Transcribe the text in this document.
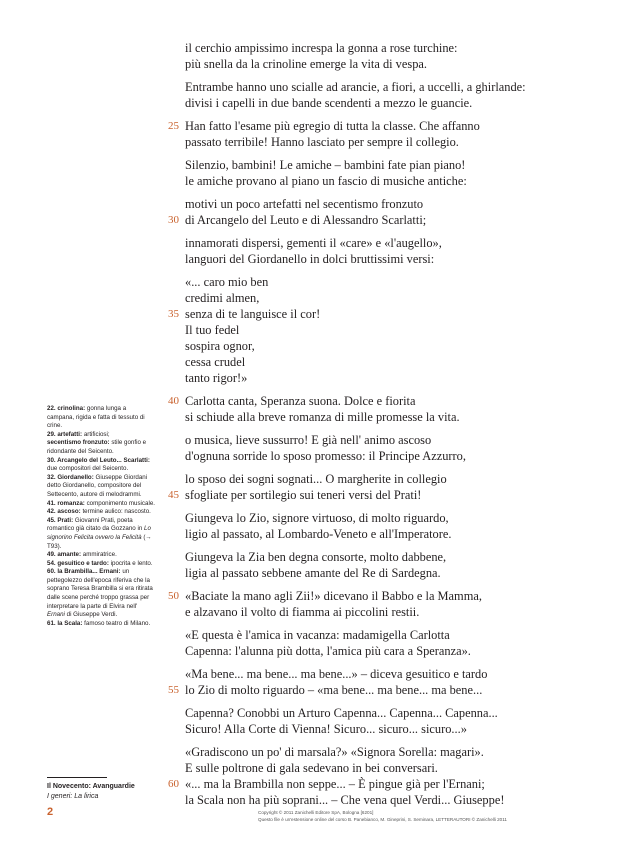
il cerchio ampissimo increspa la gonna a rose turchine:
più snella da la crinoline emerge la vita di vespa.
Entrambe hanno uno scialle ad arancie, a fiori, a uccelli, a ghirlande:
divisi i capelli in due bande scendenti a mezzo le guancie.
25 Han fatto l'esame più egregio di tutta la classe. Che affanno
passato terribile! Hanno lasciato per sempre il collegio.
Silenzio, bambini! Le amiche – bambini fate pian piano!
le amiche provano al piano un fascio di musiche antiche:
motivi un poco artefatti nel secentismo fronzuto
30 di Arcangelo del Leuto e di Alessandro Scarlatti;
innamorati dispersi, gementi il «care» e «l'augello»,
languori del Giordanello in dolci bruttissimi versi:
«... caro mio ben
credimi almen,
35 senza di te languisce il cor!
Il tuo fedel
sospira ognor,
cessa crudel
tanto rigor!»
40 Carlotta canta, Speranza suona. Dolce e fiorita
si schiude alla breve romanza di mille promesse la vita.
o musica, lieve sussurro! E già nell' animo ascoso
d'ognuna sorride lo sposo promesso: il Principe Azzurro,
lo sposo dei sogni sognati... O margherite in collegio
45 sfogliate per sortilegio sui teneri versi del Prati!
Giungeva lo Zio, signore virtuoso, di molto riguardo,
ligio al passato, al Lombardo-Veneto e all'Imperatore.
Giungeva la Zia ben degna consorte, molto dabbene,
ligia al passato sebbene amante del Re di Sardegna.
50 «Baciate la mano agli Zii!» dicevano il Babbo e la Mamma,
e alzavano il volto di fiamma ai piccolini restii.
«E questa è l'amica in vacanza: madamigella Carlotta
Capenna: l'alunna più dotta, l'amica più cara a Speranza».
«Ma bene... ma bene... ma bene...» – diceva gesuitico e tardo
55 lo Zio di molto riguardo – «ma bene... ma bene... ma bene...
Capenna? Conobbi un Arturo Capenna... Capenna... Capenna...
Sicuro! Alla Corte di Vienna! Sicuro... sicuro... sicuro...»
«Gradiscono un po' di marsala?» «Signora Sorella: magari».
E sulle poltrone di gala sedevano in bei conversari.
60 «... ma la Brambilla non seppe... – È pingue già per l'Ernani;
la Scala non ha più soprani... – Che vena quel Verdi... Giuseppe!

22. crinolina: gonna lunga a campana, rigida e fatta di tessuto di crine.

29. artefatti: artificiosi;

secentismo fronzuto: stile gonfio e ridondante del Seicento.

30. Arcangelo del Leuto... Scarlatti: due compositori del Seicento.

32. Giordanello: Giuseppe Giordani detto Giordanello, compositore del Settecento, autore di melodrammi.

41. romanza: componimento musicale.

42. ascoso: termine aulico: nascosto.

45. Prati: Giovanni Prati, poeta romantico già citato da Gozzano in Lo signorino Felicita ovvero la Felicità (→ T93).

49. amante: ammiratrice.

54. gesuitico e tardo: ipocrita e lento.

60. la Brambilla... Ernani: un pettegolezzo dell'epoca riferiva che la soprano Teresa Brambilla si era ritirata dalle scene perché troppo grassa per interpretare la parte di Elvira nell' Ernani di Giuseppe Verdi.

61. la Scala: famoso teatro di Milano.

Il Novecento: Avanguardie
I generi: La lirica
2	Copyright © 2011 Zanichelli Editore SpA, Bologna [6201]
Questo file è un'estensione online del corso B. Panebianco, M. Gineprini, S. Seminara, LETTERAUTORI © Zanichelli 2011
